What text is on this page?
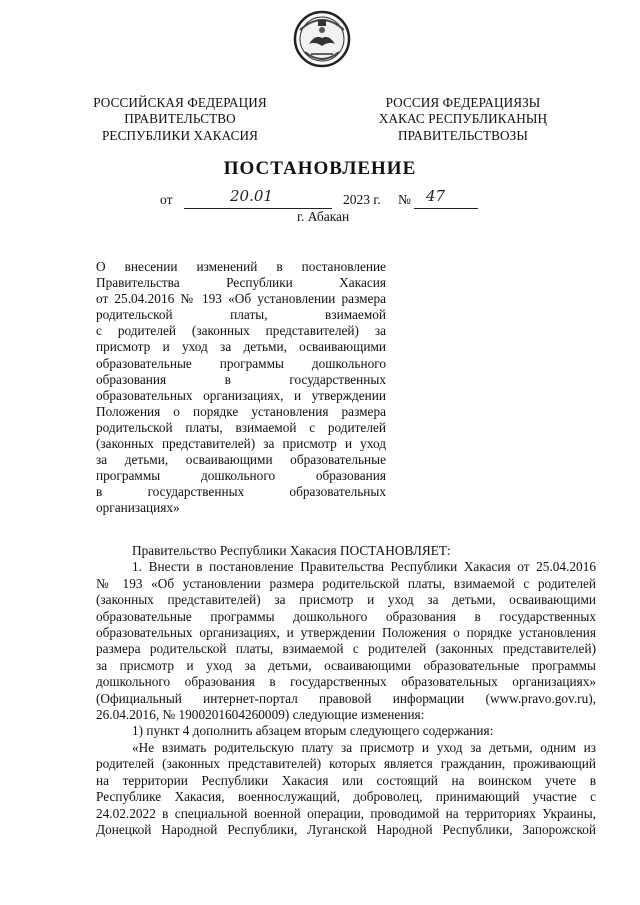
РОССИЙСКАЯ ФЕДЕРАЦИЯ
ПРАВИТЕЛЬСТВО
РЕСПУБЛИКИ ХАКАСИЯ
РОССИЯ ФЕДЕРАЦИЯЗЫ
ХАКАС РЕСПУБЛИКАНЫҢ
ПРАВИТЕЛЬСТВОЗЫ
ПОСТАНОВЛЕНИЕ
от	20.01	2023 г. № 47
г. Абакан
О внесении изменений в постановление
Правительства Республики Хакасия
от 25.04.2016 № 193 «Об установлении размера
родительской платы, взимаемой
с родителей (законных представителей) за
присмотр и уход за детьми, осваивающими
образовательные программы дошкольного
образования в государственных
образовательных организациях, и утверждении
Положения о порядке установления размера
родительской платы, взимаемой с родителей
(законных представителей) за присмотр и уход
за детьми, осваивающими образовательные
программы дошкольного образования
в государственных образовательных
организациях»
Правительство Республики Хакасия ПОСТАНОВЛЯЕТ:
1. Внести в постановление Правительства Республики Хакасия от 25.04.2016
№ 193 «Об установлении размера родительской платы, взимаемой с родителей
(законных представителей) за присмотр и уход за детьми, осваивающими
образовательные программы дошкольного образования в государственных
образовательных организациях, и утверждении Положения о порядке установления
размера родительской платы, взимаемой с родителей (законных представителей)
за присмотр и уход за детьми, осваивающими образовательные программы
дошкольного образования в государственных образовательных организациях»
(Официальный интернет-портал правовой информации (www.pravo.gov.ru),
26.04.2016, № 1900201604260009) следующие изменения:
1) пункт 4 дополнить абзацем вторым следующего содержания:
«Не взимать родительскую плату за присмотр и уход за детьми, одним из
родителей (законных представителей) которых является гражданин, проживающий
на территории Республики Хакасия или состоящий на воинском учете в
Республике Хакасия, военнослужащий, доброволец, принимающий участие с
24.02.2022 в специальной военной операции, проводимой на территориях Украины,
Донецкой Народной Республики, Луганской Народной Республики, Запорожской
